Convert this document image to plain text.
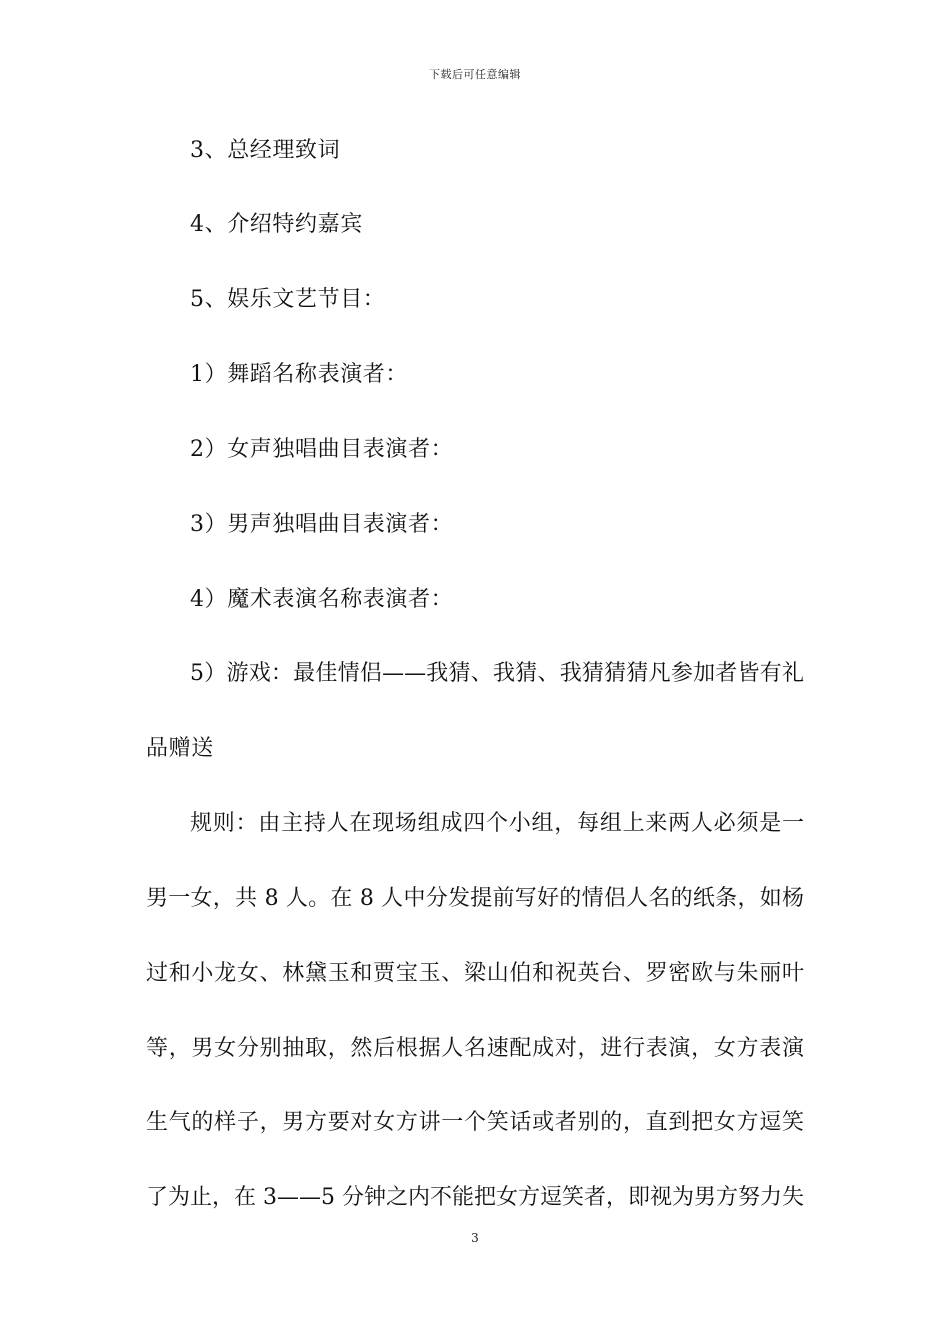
下载后可任意编辑
3、总经理致词
4、介绍特约嘉宾
5、娱乐文艺节目：
1）舞蹈名称表演者：
2）女声独唱曲目表演者：
3）男声独唱曲目表演者：
4）魔术表演名称表演者：
5）游戏：最佳情侣——我猜、我猜、我猜猜猜凡参加者皆有礼
品赠送
规则：由主持人在现场组成四个小组，每组上来两人必须是一
男一女，共 8 人。在 8 人中分发提前写好的情侣人名的纸条，如杨
过和小龙女、林黛玉和贾宝玉、梁山伯和祝英台、罗密欧与朱丽叶
等，男女分别抽取，然后根据人名速配成对，进行表演，女方表演
生气的样子，男方要对女方讲一个笑话或者别的，直到把女方逗笑
了为止，在 3——5 分钟之内不能把女方逗笑者，即视为男方努力失
3
